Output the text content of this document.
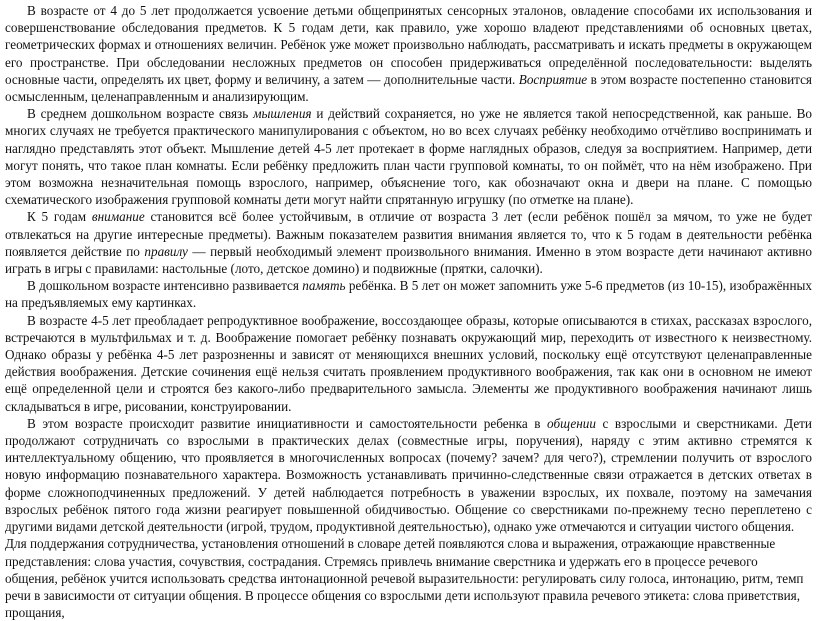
В возрасте от 4 до 5 лет продолжается усвоение детьми общепринятых сенсорных эталонов, овладение способами их использования и совершенствование обследования предметов. К 5 годам дети, как правило, уже хорошо владеют представлениями об основных цветах, геометрических формах и отношениях величин. Ребёнок уже может произвольно наблюдать, рассматривать и искать предметы в окружающем его пространстве. При обследовании несложных предметов он способен придерживаться определённой последовательности: выделять основные части, определять их цвет, форму и величину, а затем — дополнительные части. Восприятие в этом возрасте постепенно становится осмысленным, целенаправленным и анализирующим.

В среднем дошкольном возрасте связь мышления и действий сохраняется, но уже не является такой непосредственной, как раньше. Во многих случаях не требуется практического манипулирования с объектом, но во всех случаях ребёнку необходимо отчётливо воспринимать и наглядно представлять этот объект. Мышление детей 4-5 лет протекает в форме наглядных образов, следуя за восприятием. Например, дети могут понять, что такое план комнаты. Если ребёнку предложить план части групповой комнаты, то он поймёт, что на нём изображено. При этом возможна незначительная помощь взрослого, например, объяснение того, как обозначают окна и двери на плане. С помощью схематического изображения групповой комнаты дети могут найти спрятанную игрушку (по отметке на плане).

К 5 годам внимание становится всё более устойчивым, в отличие от возраста 3 лет (если ребёнок пошёл за мячом, то уже не будет отвлекаться на другие интересные предметы). Важным показателем развития внимания является то, что к 5 годам в деятельности ребёнка появляется действие по правилу — первый необходимый элемент произвольного внимания. Именно в этом возрасте дети начинают активно играть в игры с правилами: настольные (лото, детское домино) и подвижные (прятки, салочки).

В дошкольном возрасте интенсивно развивается память ребёнка. В 5 лет он может запомнить уже 5-6 предметов (из 10-15), изображённых на предъявляемых ему картинках.

В возрасте 4-5 лет преобладает репродуктивное воображение, воссоздающее образы, которые описываются в стихах, рассказах взрослого, встречаются в мультфильмах и т. д. Воображение помогает ребёнку познавать окружающий мир, переходить от известного к неизвестному. Однако образы у ребёнка 4-5 лет разрозненны и зависят от меняющихся внешних условий, поскольку ещё отсутствуют целенаправленные действия воображения. Детские сочинения ещё нельзя считать проявлением продуктивного воображения, так как они в основном не имеют ещё определенной цели и строятся без какого-либо предварительного замысла. Элементы же продуктивного воображения начинают лишь складываться в игре, рисовании, конструировании.

В этом возрасте происходит развитие инициативности и самостоятельности ребенка в общении с взрослыми и сверстниками. Дети продолжают сотрудничать со взрослыми в практических делах (совместные игры, поручения), наряду с этим активно стремятся к интеллектуальному общению, что проявляется в многочисленных вопросах (почему? зачем? для чего?), стремлении получить от взрослого новую информацию познавательного характера. Возможность устанавливать причинно-следственные связи отражается в детских ответах в форме сложноподчиненных предложений. У детей наблюдается потребность в уважении взрослых, их похвале, поэтому на замечания взрослых ребёнок пятого года жизни реагирует повышенной обидчивостью. Общение со сверстниками по-прежнему тесно переплетено с другими видами детской деятельности (игрой, трудом, продуктивной деятельностью), однако уже отмечаются и ситуации чистого общения.

Для поддержания сотрудничества, установления отношений в словаре детей появляются слова и выражения, отражающие нравственные представления: слова участия, сочувствия, сострадания. Стремясь привлечь внимание сверстника и удержать его в процессе речевого общения, ребёнок учится использовать средства интонационной речевой выразительности: регулировать силу голоса, интонацию, ритм, темп речи в зависимости от ситуации общения. В процессе общения со взрослыми дети используют правила речевого этикета: слова приветствия, прощания,
